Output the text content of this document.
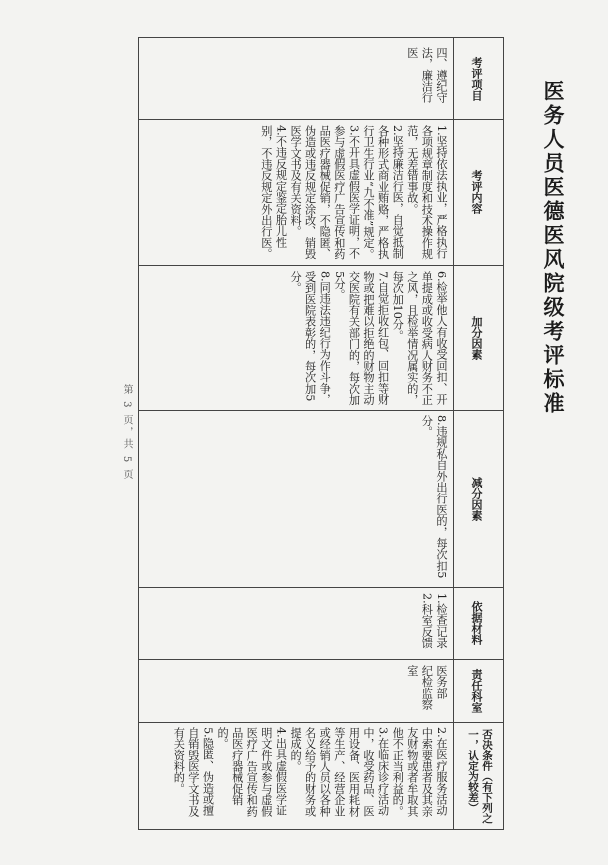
医务人员医德医风院级考评标准
考评项目
考评内容
加分因素
减分因素
依据材料
责任科室
否决条件（有下列之一，认定为较差）
四、遵纪守法，廉洁行医
1.坚持依法执业，严格执行各项规章制度和技术操作规范，无差错事故。
2.坚持廉洁行医，自觉抵制各种形式商业贿赂，严格执行卫生行业“九不准”规定。
3.不开具虚假医学证明，不参与虚假医疗广告宣传和药品医疗器械促销，不隐匿、伪造或违反规定涂改、销毁医学文书及有关资料。
4.不违反规定鉴定胎儿性别，不违反规定外出行医。
6.检举他人有收受回扣、开单提成或收受病人财务不正之风，且检举情况属实的，每次加10分。
7.自觉拒收红包、回扣等财物或把难以拒绝的财物主动交医院有关部门的，每次加5分。
8.同违法违纪行为作斗争，受到医院表彰的，每次加5分。
8.违规私自外出行医的，每次扣5分。
1.检查记录
2.科室反馈
医务部
纪检监察室
2.在医疗服务活动中索要患者及其亲友财物或者牟取其他不正当利益的。
3.在临床诊疗活动中，收受药品、医用设备、医用耗材等生产、经营企业或经销人员以各种名义给予的财务或提成的。
4.出具虚假医学证明文件或参与虚假医疗广告宣传和药品医疗器械促销的。
5.隐匿、伪造或擅自销毁医学文书及有关资料的。
第 3 页，共 5 页
